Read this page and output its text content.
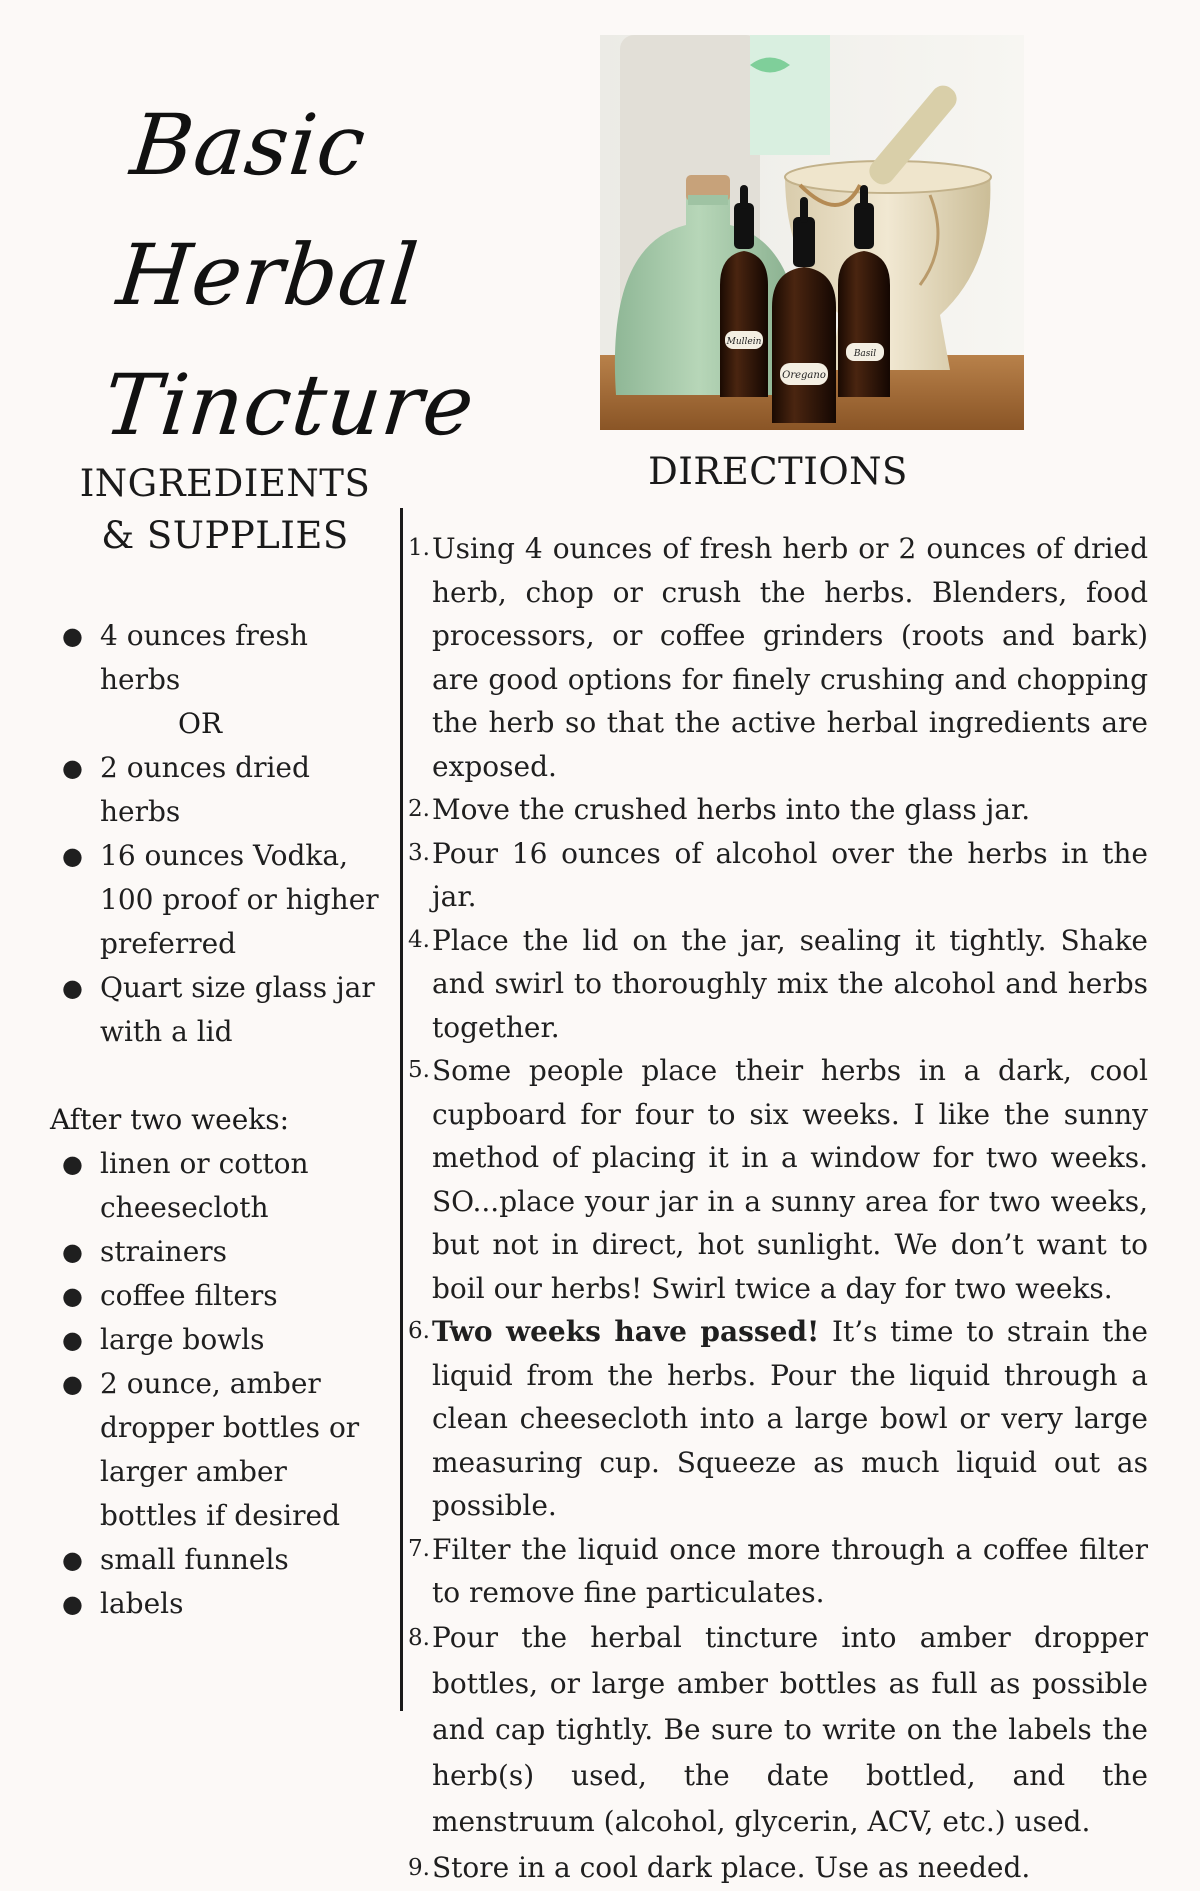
Basic Herbal
Tincture
Mullein
Basil
Oregano
INGREDIENTS & SUPPLIES
● 4 ounces fresh herbs
OR
● 2 ounces dried herbs
● 16 ounces Vodka, 100 proof or higher preferred
● Quart size glass jar with a lid
After two weeks:
● linen or cotton cheesecloth
● strainers
● coffee filters
● large bowls
● 2 ounce, amber dropper bottles or larger amber bottles if desired
● small funnels
● labels
DIRECTIONS
1. Using 4 ounces of fresh herb or 2 ounces of dried herb, chop or crush the herbs. Blenders, food processors, or coffee grinders (roots and bark) are good options for finely crushing and chopping the herb so that the active herbal ingredients are exposed.
2. Move the crushed herbs into the glass jar.
3. Pour 16 ounces of alcohol over the herbs in the jar.
4. Place the lid on the jar, sealing it tightly. Shake and swirl to thoroughly mix the alcohol and herbs together.
5. Some people place their herbs in a dark, cool cupboard for four to six weeks. I like the sunny method of placing it in a window for two weeks. SO...place your jar in a sunny area for two weeks, but not in direct, hot sunlight. We don’t want to boil our herbs! Swirl twice a day for two weeks.
6. Two weeks have passed! It’s time to strain the liquid from the herbs. Pour the liquid through a clean cheesecloth into a large bowl or very large measuring cup. Squeeze as much liquid out as possible.
7. Filter the liquid once more through a coffee filter to remove fine particulates.
8. Pour the herbal tincture into amber dropper bottles, or large amber bottles as full as possible and cap tightly. Be sure to write on the labels the herb(s) used, the date bottled, and the menstruum (alcohol, glycerin, ACV, etc.) used.
9. Store in a cool dark place. Use as needed.
